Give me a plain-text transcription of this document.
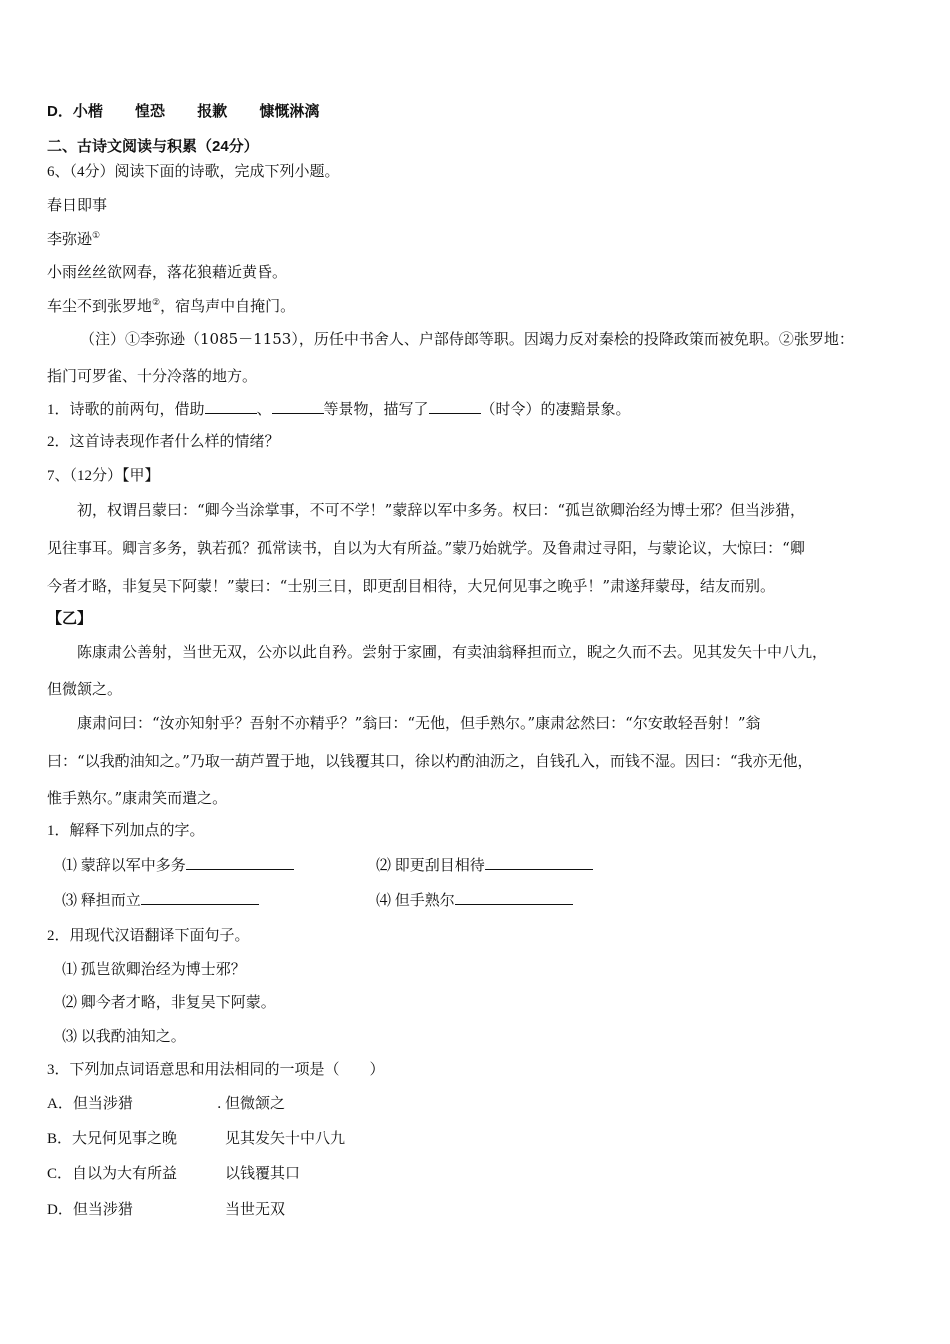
D．小楷 惶恐 报歉 慷慨淋漓
二、古诗文阅读与积累（24分）
6、（4分）阅读下面的诗歌，完成下列小题。
春日即事
李弥逊①
小雨丝丝欲网春，落花狼藉近黄昏。
车尘不到张罗地②，宿鸟声中自掩门。
（注）①李弥逊（1085－1153），历任中书舍人、户部侍郎等职。因竭力反对秦桧的投降政策而被免职。②张罗地：
指门可罗雀、十分冷落的地方。
1．诗歌的前两句，借助	、	等景物，描写了	（时令）的凄黯景象。
2．这首诗表现作者什么样的情绪？
7、（12分）【甲】
初，权谓吕蒙曰：“卿今当涂掌事，不可不学！”蒙辞以军中多务。权曰：“孤岂欲卿治经为博士邪？但当涉猎，
见往事耳。卿言多务，孰若孤？孤常读书，自以为大有所益。”蒙乃始就学。及鲁肃过寻阳，与蒙论议，大惊曰：“卿
今者才略，非复吴下阿蒙！”蒙曰：“士别三日，即更刮目相待，大兄何见事之晚乎！”肃遂拜蒙母，结友而别。
【乙】
陈康肃公善射，当世无双，公亦以此自矜。尝射于家圃，有卖油翁释担而立，睨之久而不去。见其发矢十中八九，
但微颔之。
康肃问曰：“汝亦知射乎？吾射不亦精乎？”翁曰：“无他，但手熟尔。”康肃忿然曰：“尔安敢轻吾射！”翁
曰：“以我酌油知之。”乃取一葫芦置于地，以钱覆其口，徐以杓酌油沥之，自钱孔入，而钱不湿。因曰：“我亦无他，
惟手熟尔。”康肃笑而遣之。
1．解释下列加点的字。
⑴ 蒙辞以军中多务	⑵ 即更刮目相待
⑶ 释担而立	⑷ 但手熟尔
2．用现代汉语翻译下面句子。
⑴ 孤岂欲卿治经为博士邪？
⑵ 卿今者才略，非复吴下阿蒙。
⑶ 以我酌油知之。
3．下列加点词语意思和用法相同的一项是（　　）
A．但当涉猎	但微颔之
·
B．大兄何见事之晚	见其发矢十中八九
C．自以为大有所益	以钱覆其口
D．但当涉猎	当世无双
